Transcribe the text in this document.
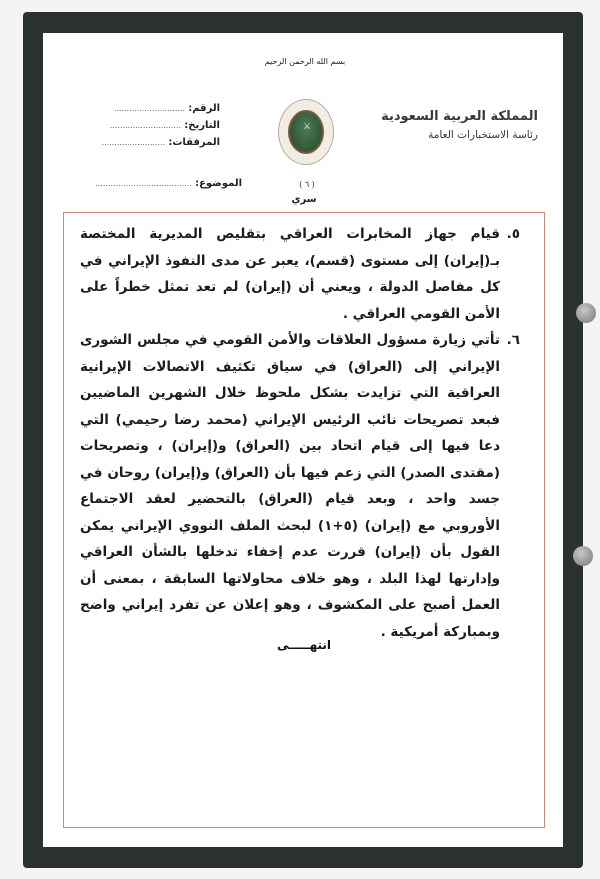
بسم الله الرحمن الرحيم
المملكة العربية السعودية
رئاسة الاستخبارات العامة
⚔
( ٦ )
سري
الرقم: ............................
التاريخ: ............................
المرفقات: .........................
الموضوع: ......................................
٥.
قيام جهاز المخابرات العراقي بتقليص المديرية المختصة بـ(إيران) إلى مستوى (قسم)، يعبر عن مدى النفوذ الإيراني في كل مفاصل الدولة ، ويعني أن (إيران) لم تعد تمثل خطراً على الأمن القومي العراقي .
٦.
تأتي زيارة مسؤول العلاقات والأمن القومي في مجلس الشورى الإيراني إلى (العراق) في سياق تكثيف الاتصالات الإيرانية العراقية التي تزايدت بشكل ملحوظ خلال الشهرين الماضيين فبعد تصريحات نائب الرئيس الإيراني (محمد رضا رحيمي) التي دعا فيها إلى قيام اتحاد بين (العراق) و(إيران) ، وتصريحات (مقتدى الصدر) التي زعم فيها بأن (العراق) و(إيران) روحان في جسد واحد ، وبعد قيام (العراق) بالتحضير لعقد الاجتماع الأوروبي مع (إيران) (٥+١) لبحث الملف النووي الإيراني يمكن القول بأن (إيران) قررت عدم إخفاء تدخلها بالشأن العراقي وإدارتها لهذا البلد ، وهو خلاف محاولاتها السابقة ، بمعنى أن العمل أصبح على المكشوف ، وهو إعلان عن تفرد إيراني واضح وبمباركة أمريكية .
انتهـــــى
